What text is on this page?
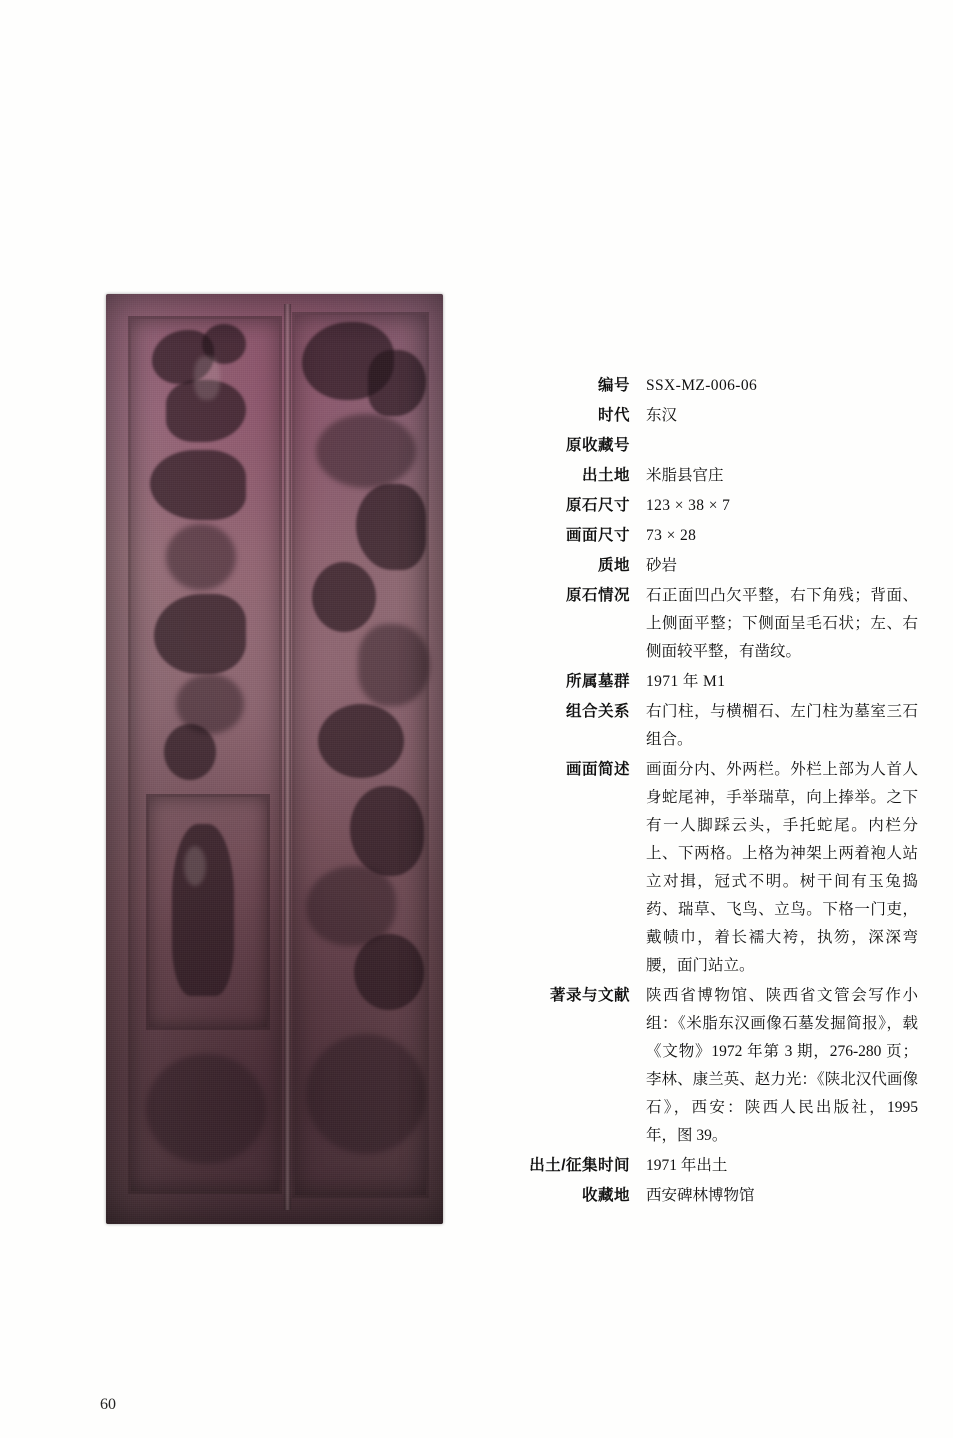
编号	SSX-MZ-006-06
时代	东汉
原收藏号
出土地	米脂县官庄
原石尺寸	123 × 38 × 7
画面尺寸	73 × 28
质地	砂岩
原石情况	石正面凹凸欠平整，右下角残；背面、上侧面平整；下侧面呈毛石状；左、右侧面较平整，有凿纹。
所属墓群	1971 年 M1
组合关系	右门柱，与横楣石、左门柱为墓室三石组合。
画面简述	画面分内、外两栏。外栏上部为人首人身蛇尾神，手举瑞草，向上捧举。之下有一人脚踩云头，手托蛇尾。内栏分上、下两格。上格为神架上两着袍人站立对揖，冠式不明。树干间有玉兔捣药、瑞草、飞鸟、立鸟。下格一门吏，戴帻巾，着长襦大袴，执笏，深深弯腰，面门站立。
著录与文献	陕西省博物馆、陕西省文管会写作小组：《米脂东汉画像石墓发掘简报》，载《文物》1972 年第 3 期，276-280 页；李林、康兰英、赵力光：《陕北汉代画像石》，西安：陕西人民出版社，1995 年，图 39。
出土/征集时间	1971 年出土
收藏地	西安碑林博物馆
60
